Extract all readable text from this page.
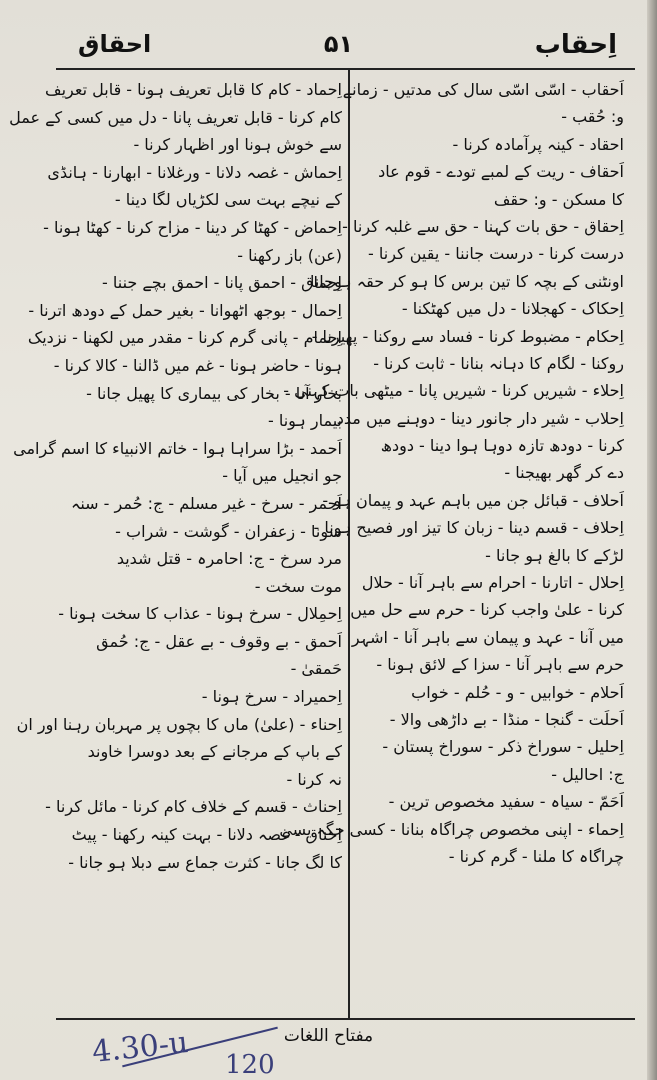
احقاق	۵۱	اِحقاب
اَحقاب - اسّی اسّی سال کی مدتیں - زمانے
و: حُقب -
احقاد - کینہ پرآمادہ کرنا -
اَحقاف - ریت کے لمبے تودے - قوم عاد
کا مسکن - و: حقف
اِحقاق - حق بات کہنا - حق سے غلبہ کرنا -
درست کرنا - درست جاننا - یقین کرنا -
اونٹنی کے بچہ کا تین برس کا ہو کر حقہ ہوجانا
اِحکاک - کھجلانا - دل میں کھٹکنا -
اِحکام - مضبوط کرنا - فساد سے روکنا - پھیرنا -
روکنا - لگام کا دہانہ بنانا - ثابت کرنا -
اِحلاء - شیریں کرنا - شیریں پانا - میٹھی بات کہنی -
اِحلاب - شیر دار جانور دینا - دوہنے میں مدد
کرنا - دودھ تازہ دوہا ہوا دینا - دودھ
دے کر گھر بھیجنا -
اَحلاف - قبائل جن میں باہم عہد و پیمان ہو -
اِحلاف - قسم دینا - زبان کا تیز اور فصیح ہونا -
لڑکے کا بالغ ہو جانا -
اِحلال - اتارنا - احرام سے باہر آنا - حلال
کرنا - علیٰ واجب کرنا - حرم سے حل میں
میں آنا - عہد و پیمان سے باہر آنا - اشہر
حرم سے باہر آنا - سزا کے لائق ہونا -
اَحلام - خوابیں - و - حُلم - خواب
اَحلَت - گنجا - منڈا - بے داڑھی والا -
اِحلیل - سوراخ ذکر - سوراخ پستان -
ج: احالیل -
اَحَمّ - سیاہ - سفید مخصوص ترین -
اِحماء - اپنی مخصوص چراگاہ بنانا - کسی جگہ یسی
چراگاہ کا ملنا - گرم کرنا -
اِحماد - کام کا قابل تعریف ہونا - قابل تعریف
کام کرنا - قابل تعریف پانا - دل میں کسی کے عمل
سے خوش ہونا اور اظہار کرنا -
اِحماش - غصہ دلانا - ورغلانا - ابھارنا - ہانڈی
کے نیچے بہت سی لکڑیاں لگا دینا -
اِحماض - کھٹا کر دینا - مزاح کرنا - کھٹا ہونا -
(عن) باز رکھنا -
اِحماق - احمق پانا - احمق بچے جننا -
اِحمال - بوجھ اٹھوانا - بغیر حمل کے دودھ اترنا -
اِحمام - پانی گرم کرنا - مقدر میں لکھنا - نزدیک
ہونا - حاضر ہونا - غم میں ڈالنا - کالا کرنا -
بخار آنا - بخار کی بیماری کا پھیل جانا -
بیمار ہونا -
اَحمد - بڑا سراہا ہوا - خاتم الانبیاء کا اسم گرامی
جو انجیل میں آیا -
اَحمر - سرخ - غیر مسلم - ج: حُمر - سنہ
سونا - زعفران - گوشت - شراب -
مرد سرخ - ج: احامرہ - قتل شدید
موت سخت -
اِحمِلال - سرخ ہونا - عذاب کا سخت ہونا -
اَحمق - بے وقوف - بے عقل - ج: حُمق
حَمقیٰ -
اِحمیراد - سرخ ہونا -
اِحناء - (علیٰ) ماں کا بچوں پر مہربان رہنا اور ان
کے باپ کے مرجانے کے بعد دوسرا خاوند
نہ کرنا -
اِحناث - قسم کے خلاف کام کرنا - مائل کرنا -
اِحناق - غصہ دلانا - بہت کینہ رکھنا - پیٹ
کا لگ جانا - کثرت جماع سے دبلا ہو جانا -
مفتاح اللغات
4.30-u 120
